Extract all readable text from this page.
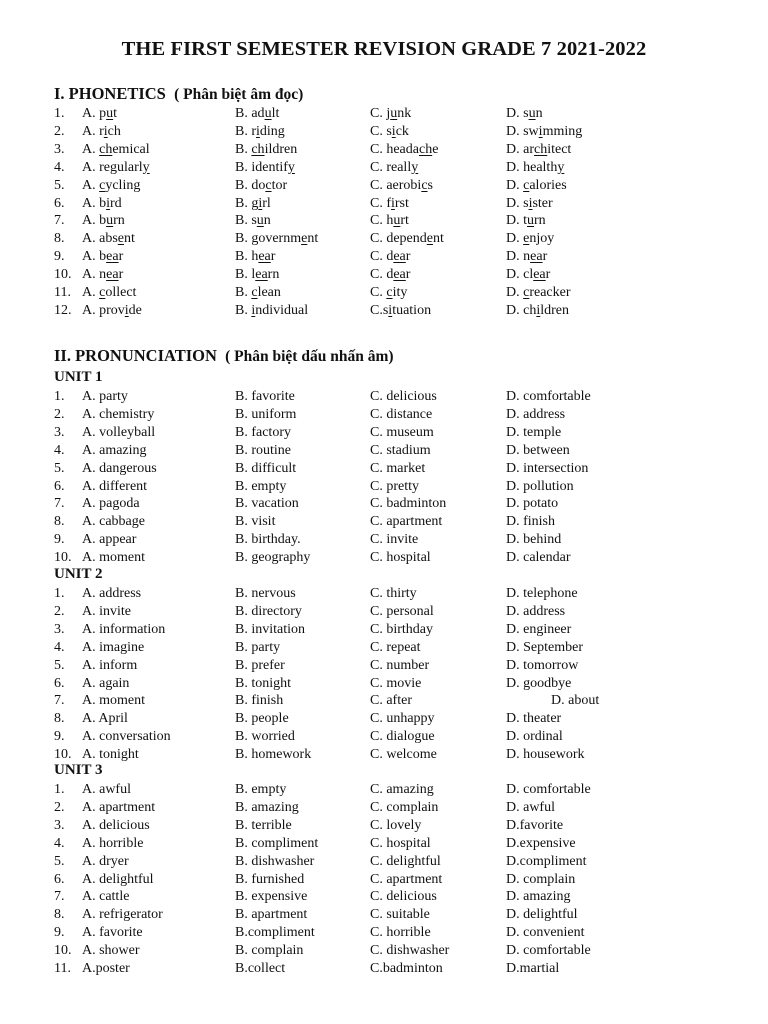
THE FIRST SEMESTER REVISION GRADE 7 2021-2022
I. PHONETICS ( Phân biệt âm đọc)
1. A. put	B. adult	C. junk	D. sun
2. A. rich	B. riding	C. sick	D. swimming
3. A. chemical	B. children	C. headache	D. architect
4. A. regularly	B. identify	C. really	D. healthy
5. A. cycling	B. doctor	C. aerobics	D. calories
6. A. bird	B. girl	C. first	D. sister
7. A. burn	B. sun	C. hurt	D. turn
8. A. absent	B. government	C. dependent	D. enjoy
9. A. bear	B. hear	C. dear	D. near
10. A. near	B. learn	C. dear	D. clear
11. A. collect	B. clean	C. city	D. creacker
12. A. provide	B. individual	C.situation	D. children
II. PRONUNCIATION ( Phân biệt dấu nhấn âm)
UNIT 1
1. A. party	B. favorite	C. delicious	D. comfortable
2. A. chemistry	B. uniform	C. distance	D. address
3. A. volleyball	B. factory	C. museum	D. temple
4. A. amazing	B. routine	C. stadium	D. between
5. A. dangerous	B. difficult	C. market	D. intersection
6. A. different	B. empty	C. pretty	D. pollution
7. A. pagoda	B. vacation	C. badminton	D. potato
8. A. cabbage	B. visit	C. apartment	D. finish
9. A. appear	B. birthday.	C. invite	D. behind
10. A. moment	B. geography	C. hospital	D. calendar
UNIT 2
1. A. address	B. nervous	C. thirty	D. telephone
2. A. invite	B. directory	C. personal	D. address
3. A. information	B. invitation	C. birthday	D. engineer
4. A. imagine	B. party	C. repeat	D. September
5. A. inform	B. prefer	C. number	D. tomorrow
6. A. again	B. tonight	C. movie	D. goodbye
7. A. moment	B. finish	C. after	D. about
8. A. April	B. people	C. unhappy	D. theater
9. A. conversation	B. worried	C. dialogue	D. ordinal
10. A. tonight	B. homework	C. welcome	D. housework
UNIT 3
1. A. awful	B. empty	C. amazing	D. comfortable
2. A. apartment	B. amazing	C. complain	D. awful
3. A. delicious	B. terrible	C. lovely	D.favorite
4. A. horrible	B. compliment	C. hospital	D.expensive
5. A. dryer	B. dishwasher	C. delightful	D.compliment
6. A. delightful	B. furnished	C. apartment	D. complain
7. A. cattle	B. expensive	C. delicious	D. amazing
8. A. refrigerator	B. apartment	C. suitable	D. delightful
9. A. favorite	B.compliment	C. horrible	D. convenient
10. A. shower	B. complain	C. dishwasher	D. comfortable
11. A.poster	B.collect	C.badminton	D.martial
